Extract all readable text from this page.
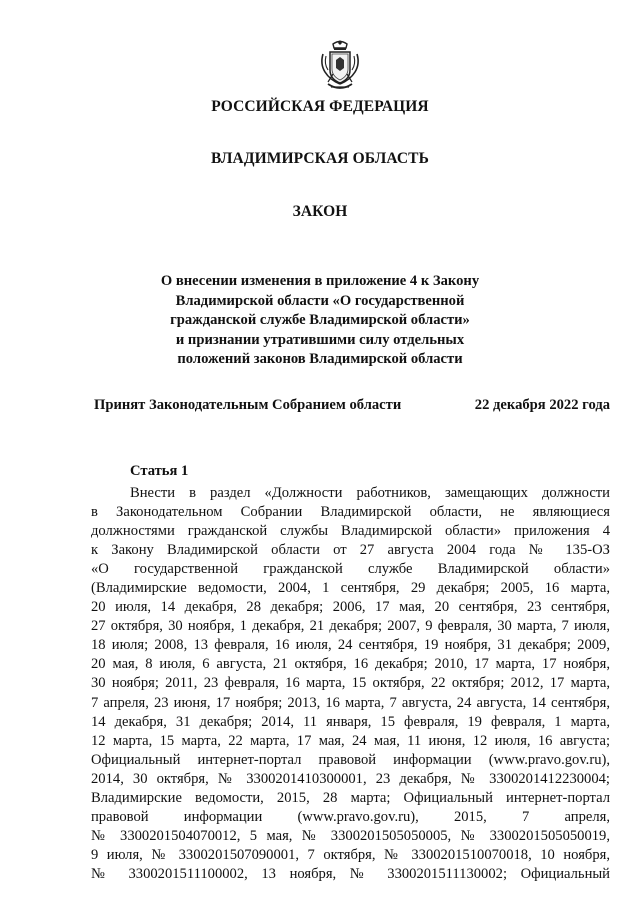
РОССИЙСКАЯ ФЕДЕРАЦИЯ
ВЛАДИМИРСКАЯ ОБЛАСТЬ
ЗАКОН
О внесении изменения в приложение 4 к Закону
Владимирской области «О государственной
гражданской службе Владимирской области»
и признании утратившими силу отдельных
положений законов Владимирской области
Принят Законодательным Собранием области	22 декабря 2022 года
Статья 1
Внести в раздел «Должности работников, замещающих должности
в Законодательном Собрании Владимирской области, не являющиеся
должностями гражданской службы Владимирской области» приложения 4
к Закону Владимирской области от 27 августа 2004 года № 135-ОЗ
«О государственной гражданской службе Владимирской области»
(Владимирские ведомости, 2004, 1 сентября, 29 декабря; 2005, 16 марта,
20 июля, 14 декабря, 28 декабря; 2006, 17 мая, 20 сентября, 23 сентября,
27 октября, 30 ноября, 1 декабря, 21 декабря; 2007, 9 февраля, 30 марта, 7 июля,
18 июля; 2008, 13 февраля, 16 июля, 24 сентября, 19 ноября, 31 декабря; 2009,
20 мая, 8 июля, 6 августа, 21 октября, 16 декабря; 2010, 17 марта, 17 ноября,
30 ноября; 2011, 23 февраля, 16 марта, 15 октября, 22 октября; 2012, 17 марта,
7 апреля, 23 июня, 17 ноября; 2013, 16 марта, 7 августа, 24 августа, 14 сентября,
14 декабря, 31 декабря; 2014, 11 января, 15 февраля, 19 февраля, 1 марта,
12 марта, 15 марта, 22 марта, 17 мая, 24 мая, 11 июня, 12 июля, 16 августа;
Официальный интернет-портал правовой информации (www.pravo.gov.ru),
2014, 30 октября, № 3300201410300001, 23 декабря, № 3300201412230004;
Владимирские ведомости, 2015, 28 марта; Официальный интернет-портал
правовой информации (www.pravo.gov.ru), 2015, 7 апреля,
№ 3300201504070012, 5 мая, № 3300201505050005, № 3300201505050019,
9 июля, № 3300201507090001, 7 октября, № 3300201510070018, 10 ноября,
№ 3300201511100002, 13 ноября, № 3300201511130002; Официальный
